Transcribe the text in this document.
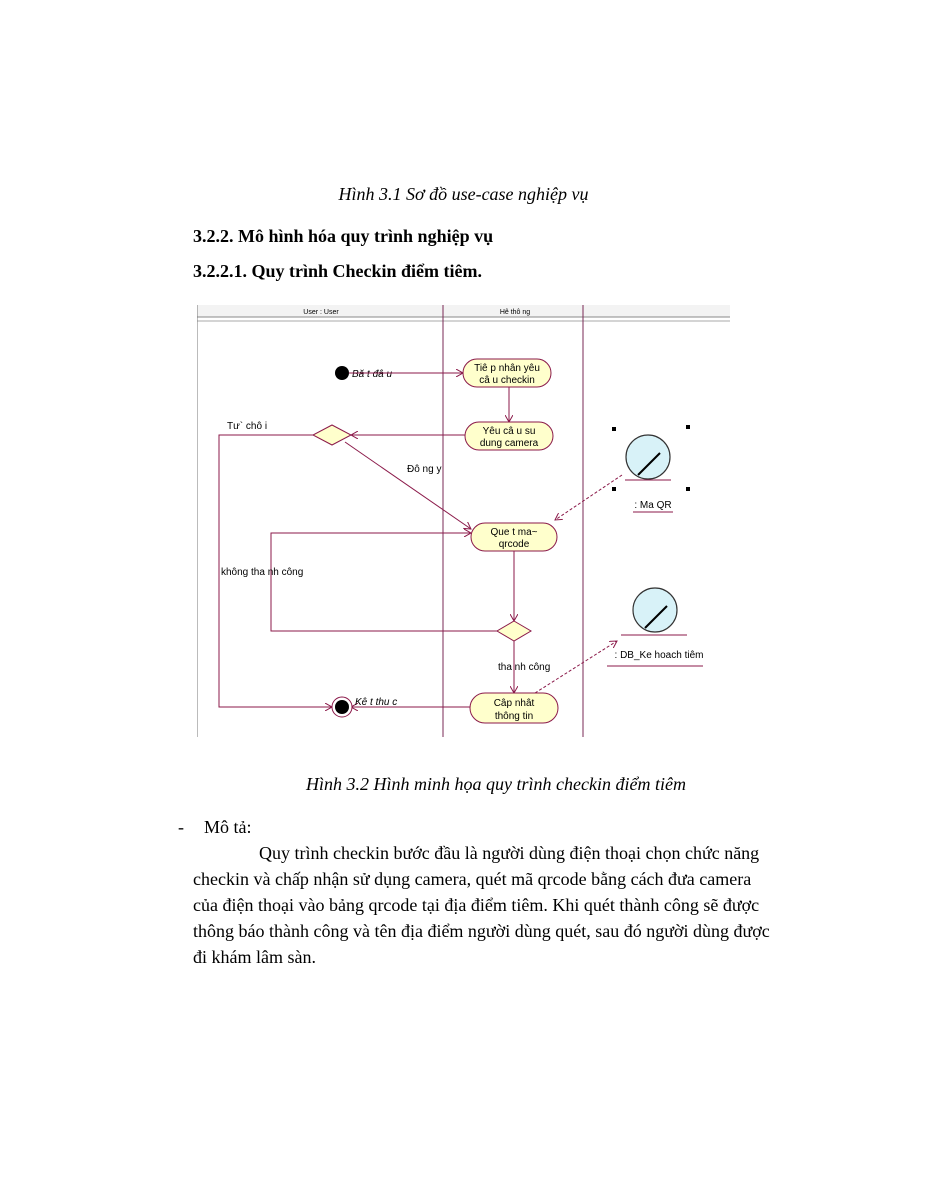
Hình 3.1 Sơ đồ use-case nghiệp vụ
3.2.2. Mô hình hóa quy trình nghiệp vụ
3.2.2.1. Quy trình Checkin điểm tiêm.
User : User	Hê thô ng
Bă t đâ u
Tiê p nhân yêu
câ u checkin
Yêu câ u su
dung camera
Tư` chô i
Đô ng y
Que t ma~
qrcode
không tha nh công
tha nh công
Câp nhât
thông tin
Kê t thu c
: Ma QR
: DB_Ke hoach tiêm
Hình 3.2 Hình minh họa quy trình checkin điểm tiêm
- Mô tả:
Quy trình checkin bước đầu là người dùng điện thoại chọn chức năng
checkin và chấp nhận sử dụng camera, quét mã qrcode bằng cách đưa camera
của điện thoại vào bảng qrcode tại địa điểm tiêm. Khi quét thành công sẽ được
thông báo thành công và tên địa điểm người dùng quét, sau đó người dùng được
đi khám lâm sàn.
